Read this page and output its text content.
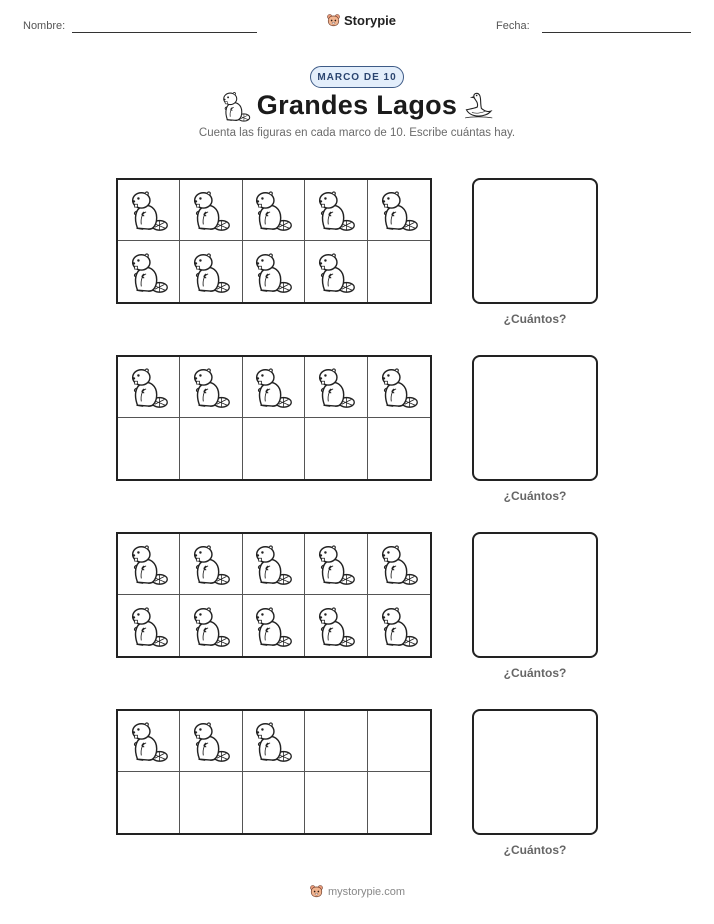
Nombre:	Storypie	Fecha:
MARCO DE 10
Grandes Lagos
Cuenta las figuras en cada marco de 10. Escribe cuántas hay.
¿Cuántos?
¿Cuántos?
¿Cuántos?
¿Cuántos?
mystorypie.com
